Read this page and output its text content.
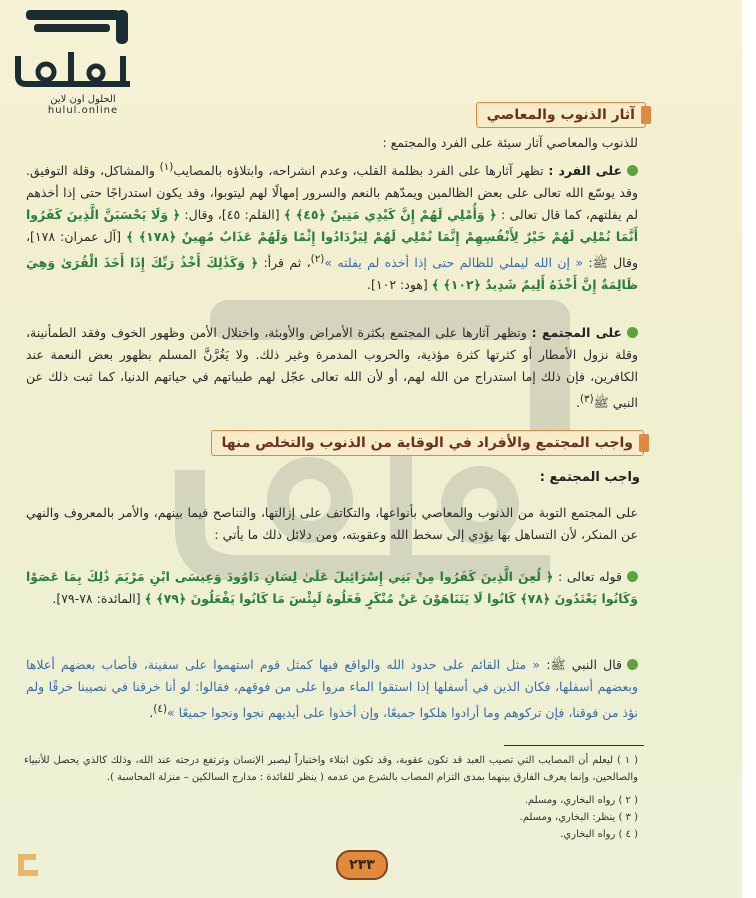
الحلول اون لاين
hulul.online	آثار الذنوب والمعاصي
للذنوب والمعاصي آثار سيئة على الفرد والمجتمع :
على الفرد : تظهر آثارها على الفرد بظلمة القلب، وعدم انشراحه، وابتلاؤه بالمصايب$^{(١)}$ والمشاكل، وقلة التوفيق. وقد يوسّع الله تعالى على بعض الظالمين ويمدّهم بالنعم والسرور إمهالًا لهم ليتوبوا، وقد يكون استدراجًا حتى إذا أخذهم لم يفلتهم، كما قال تعالى : ﴿ وَأُمْلِي لَهُمْ إِنَّ كَيْدِي مَتِينٌ ﴿٤٥﴾ ﴾ [القلم: ٤٥]، وقال: ﴿ وَلَا يَحْسَبَنَّ الَّذِينَ كَفَرُوا أَنَّمَا نُمْلِي لَهُمْ خَيْرٌ لِأَنْفُسِهِمْ إِنَّمَا نُمْلِي لَهُمْ لِيَزْدَادُوا إِثْمًا وَلَهُمْ عَذَابٌ مُهِينٌ ﴿١٧٨﴾ ﴾ [آل عمران: ١٧٨]، وقال ﷺ: « إن الله ليملي للظالم حتى إذا أخذه لم يفلته »$^{(٢)}$، ثم قرأ: ﴿ وَكَذَٰلِكَ أَخْذُ رَبِّكَ إِذَا أَخَذَ الْقُرَىٰ وَهِيَ ظَالِمَةٌ إِنَّ أَخْذَهُ أَلِيمٌ شَدِيدٌ ﴿١٠٢﴾ ﴾ [هود: ١٠٢].
على المجتمع : وتظهر آثارها على المجتمع بكثرة الأمراض والأوبئة، واختلال الأمن وظهور الخوف وفقد الطمأنينة، وقلة نزول الأمطار أو كثرتها كثرة مؤذية، والحروب المدمرة وغير ذلك. ولا يَغُرَّنَّ المسلم بظهور بعض النعمة عند الكافرين، فإن ذلك إما استدراج من الله لهم، أو لأن الله تعالى عجّل لهم طيباتهم في حياتهم الدنيا، كما ثبت ذلك عن النبي ﷺ$^{(٣)}$.
واجب المجتمع والأفراد في الوقاية من الذنوب والتخلص منها
واجب المجتمع :
على المجتمع التوبة من الذنوب والمعاصي بأنواعها، والتكاتف على إزالتها، والتناصح فيما بينهم، والأمر بالمعروف والنهي عن المنكر، لأن التساهل بها يؤدي إلى سخط الله وعقوبته، ومن دلائل ذلك ما يأتي :
قوله تعالى : ﴿ لُعِنَ الَّذِينَ كَفَرُوا مِنْ بَنِي إِسْرَائِيلَ عَلَىٰ لِسَانِ دَاوُودَ وَعِيسَى ابْنِ مَرْيَمَ ذَٰلِكَ بِمَا عَصَوْا وَكَانُوا يَعْتَدُونَ ﴿٧٨﴾ كَانُوا لَا يَتَنَاهَوْنَ عَنْ مُنْكَرٍ فَعَلُوهُ لَبِئْسَ مَا كَانُوا يَفْعَلُونَ ﴿٧٩﴾ ﴾ [المائدة: ٧٨-٧٩].
قال النبي ﷺ: « مثل القائم على حدود الله والواقع فيها كمثل قوم استهموا على سفينة، فأصاب بعضهم أعلاها وبعضهم أسفلها، فكان الذين في أسفلها إذا استقوا الماء مروا على من فوقهم، فقالوا: لو أنا خرقنا في نصيبنا خرقًا ولم نؤذ من فوقنا، فإن تركوهم وما أرادوا هلكوا جميعًا، وإن أخذوا على أيديهم نجوا ونجوا جميعًا »$^{(٤)}$.
( ١ ) ليعلم أن المصايب التي تصيب العبد قد تكون عقوبة، وقد تكون ابتلاء واختباراً ليصبر الإنسان وترتفع درجته عند الله، وذلك كالذي يحصل للأنبياء والصالحين، وإنما يعرف الفارق بينهما بمدى التزام المصاب بالشرع من عدمه ( ينظر للفائدة : مدارج السالكين – منزلة المحاسبة ).
( ٢ ) رواه البخاري، ومسلم.
( ٣ ) ينظر: البخاري، ومسلم.
( ٤ ) رواه البخاري.
٢٣٣
